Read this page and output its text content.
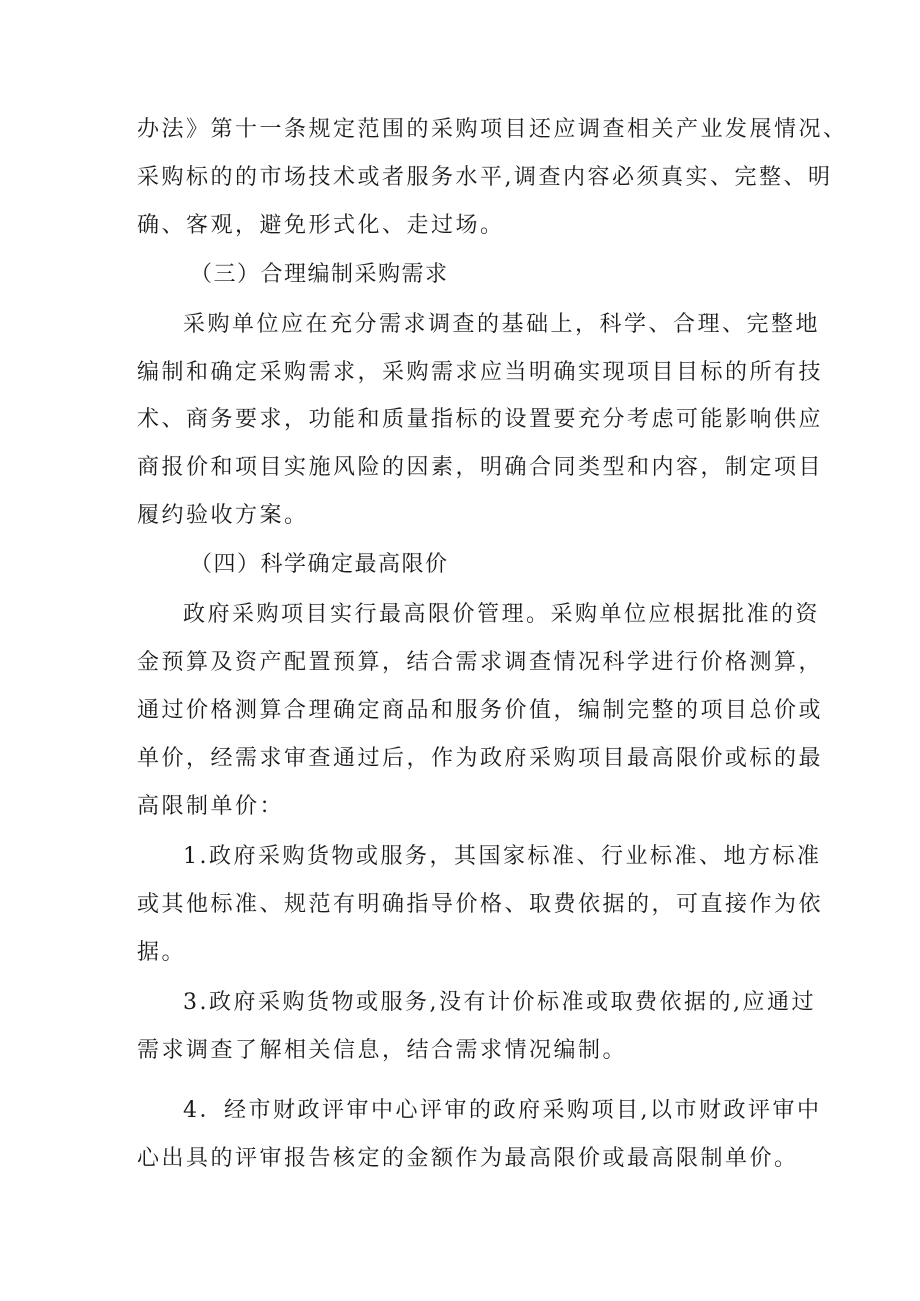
办法》第十一条规定范围的采购项目还应调查相关产业发展情况、
采购标的的市场技术或者服务水平,调查内容必须真实、完整、明
确、客观，避免形式化、走过场。
（三）合理编制采购需求
采购单位应在充分需求调查的基础上，科学、合理、完整地
编制和确定采购需求，采购需求应当明确实现项目目标的所有技
术、商务要求，功能和质量指标的设置要充分考虑可能影响供应
商报价和项目实施风险的因素，明确合同类型和内容，制定项目
履约验收方案。
（四）科学确定最高限价
政府采购项目实行最高限价管理。采购单位应根据批准的资
金预算及资产配置预算，结合需求调查情况科学进行价格测算，
通过价格测算合理确定商品和服务价值，编制完整的项目总价或
单价，经需求审查通过后，作为政府采购项目最高限价或标的最
高限制单价：
1.政府采购货物或服务，其国家标准、行业标准、地方标准
或其他标准、规范有明确指导价格、取费依据的，可直接作为依
据。
3.政府采购货物或服务,没有计价标准或取费依据的,应通过
需求调查了解相关信息，结合需求情况编制。
4．经市财政评审中心评审的政府采购项目,以市财政评审中
心出具的评审报告核定的金额作为最高限价或最高限制单价。
